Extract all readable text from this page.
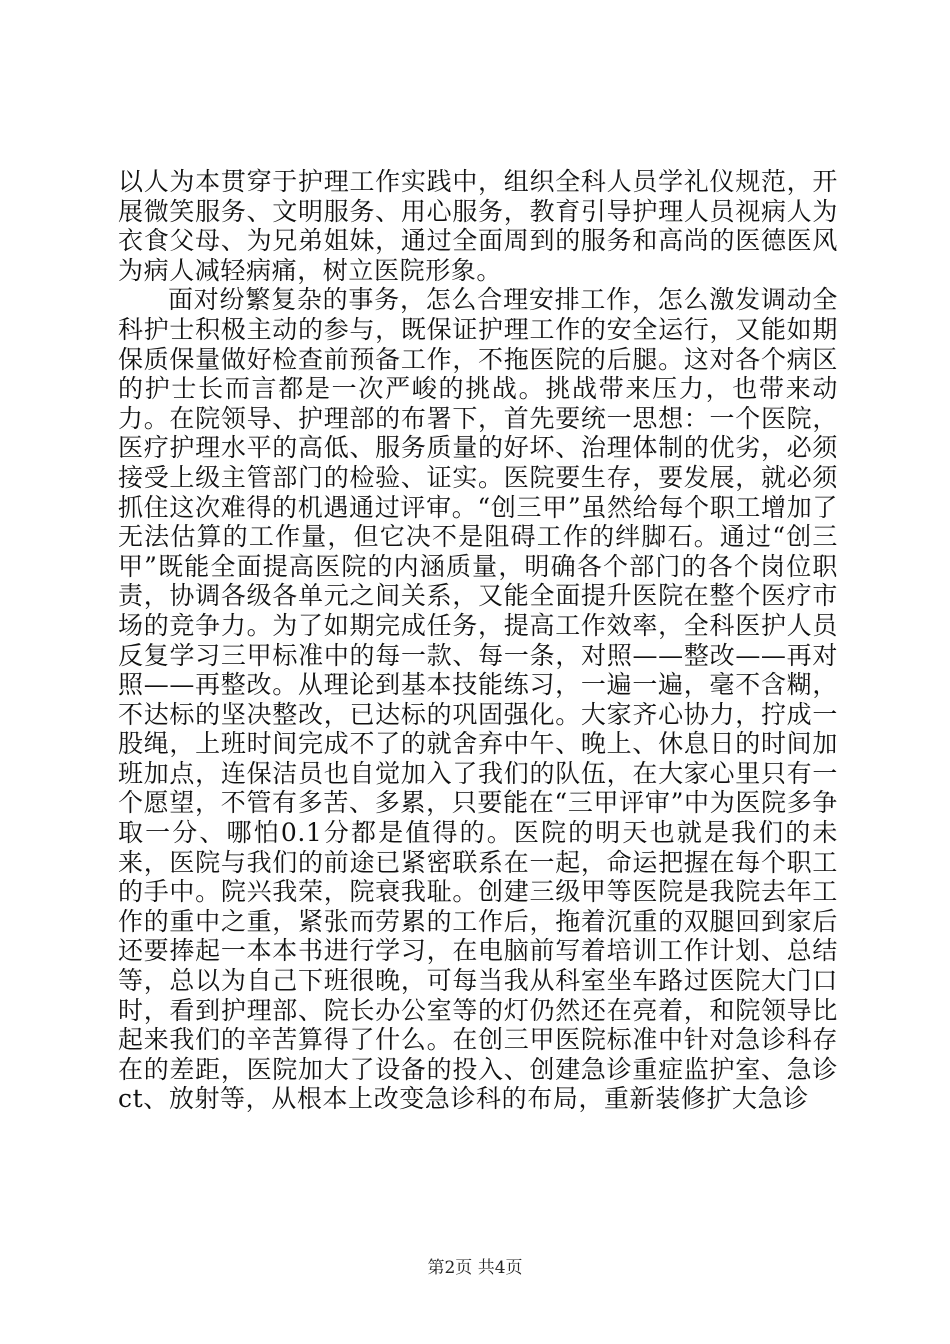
以人为本贯穿于护理工作实践中，组织全科人员学礼仪规范，开展微笑服务、文明服务、用心服务，教育引导护理人员视病人为衣食父母、为兄弟姐妹，通过全面周到的服务和高尚的医德医风为病人减轻病痛，树立医院形象。

面对纷繁复杂的事务，怎么合理安排工作，怎么激发调动全科护士积极主动的参与，既保证护理工作的安全运行，又能如期保质保量做好检查前预备工作，不拖医院的后腿。这对各个病区的护士长而言都是一次严峻的挑战。挑战带来压力，也带来动力。在院领导、护理部的布署下，首先要统一思想：一个医院，医疗护理水平的高低、服务质量的好坏、治理体制的优劣，必须接受上级主管部门的检验、证实。医院要生存，要发展，就必须抓住这次难得的机遇通过评审。“创三甲”虽然给每个职工增加了无法估算的工作量，但它决不是阻碍工作的绊脚石。通过“创三甲”既能全面提高医院的内涵质量，明确各个部门的各个岗位职责，协调各级各单元之间关系，又能全面提升医院在整个医疗市场的竞争力。为了如期完成任务，提高工作效率，全科医护人员反复学习三甲标准中的每一款、每一条，对照——整改——再对照——再整改。从理论到基本技能练习，一遍一遍，毫不含糊，不达标的坚决整改，已达标的巩固强化。大家齐心协力，拧成一股绳，上班时间完成不了的就舍弃中午、晚上、休息日的时间加班加点，连保洁员也自觉加入了我们的队伍，在大家心里只有一个愿望，不管有多苦、多累，只要能在“三甲评审”中为医院多争取一分、哪怕0.1分都是值得的。医院的明天也就是我们的未来，医院与我们的前途已紧密联系在一起，命运把握在每个职工的手中。院兴我荣，院衰我耻。创建三级甲等医院是我院去年工作的重中之重，紧张而劳累的工作后，拖着沉重的双腿回到家后还要捧起一本本书进行学习，在电脑前写着培训工作计划、总结等，总以为自己下班很晚，可每当我从科室坐车路过医院大门口时，看到护理部、院长办公室等的灯仍然还在亮着，和院领导比起来我们的辛苦算得了什么。在创三甲医院标准中针对急诊科存在的差距，医院加大了设备的投入、创建急诊重症监护室、急诊ct、放射等，从根本上改变急诊科的布局，重新装修扩大急诊

第2页 共4页
